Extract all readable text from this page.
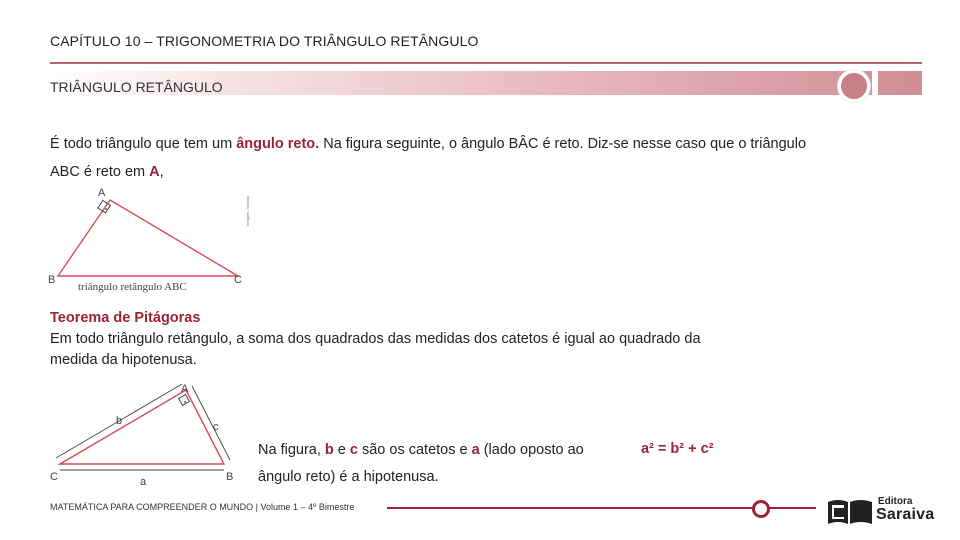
CAPÍTULO 10 – TRIGONOMETRIA DO TRIÂNGULO RETÂNGULO
TRIÂNGULO RETÂNGULO
É todo triângulo que tem um ângulo reto. Na figura seguinte, o ângulo BÂC é reto. Diz-se nesse caso que o triângulo
ABC é reto em A,
A
B	C
triângulo retângulo ABC
Imagem: Saraiva
Teorema de Pitágoras
Em todo triângulo retângulo, a soma dos quadrados das medidas dos catetos é igual ao quadrado da
medida da hipotenusa.
A
B
C
b	c
a
Na figura, b e c são os catetos e a (lado oposto ao
ângulo reto) é a hipotenusa.
a² = b² + c²
MATEMÁTICA PARA COMPREENDER O MUNDO | Volume 1 – 4º Bimestre	Editora
Saraiva
